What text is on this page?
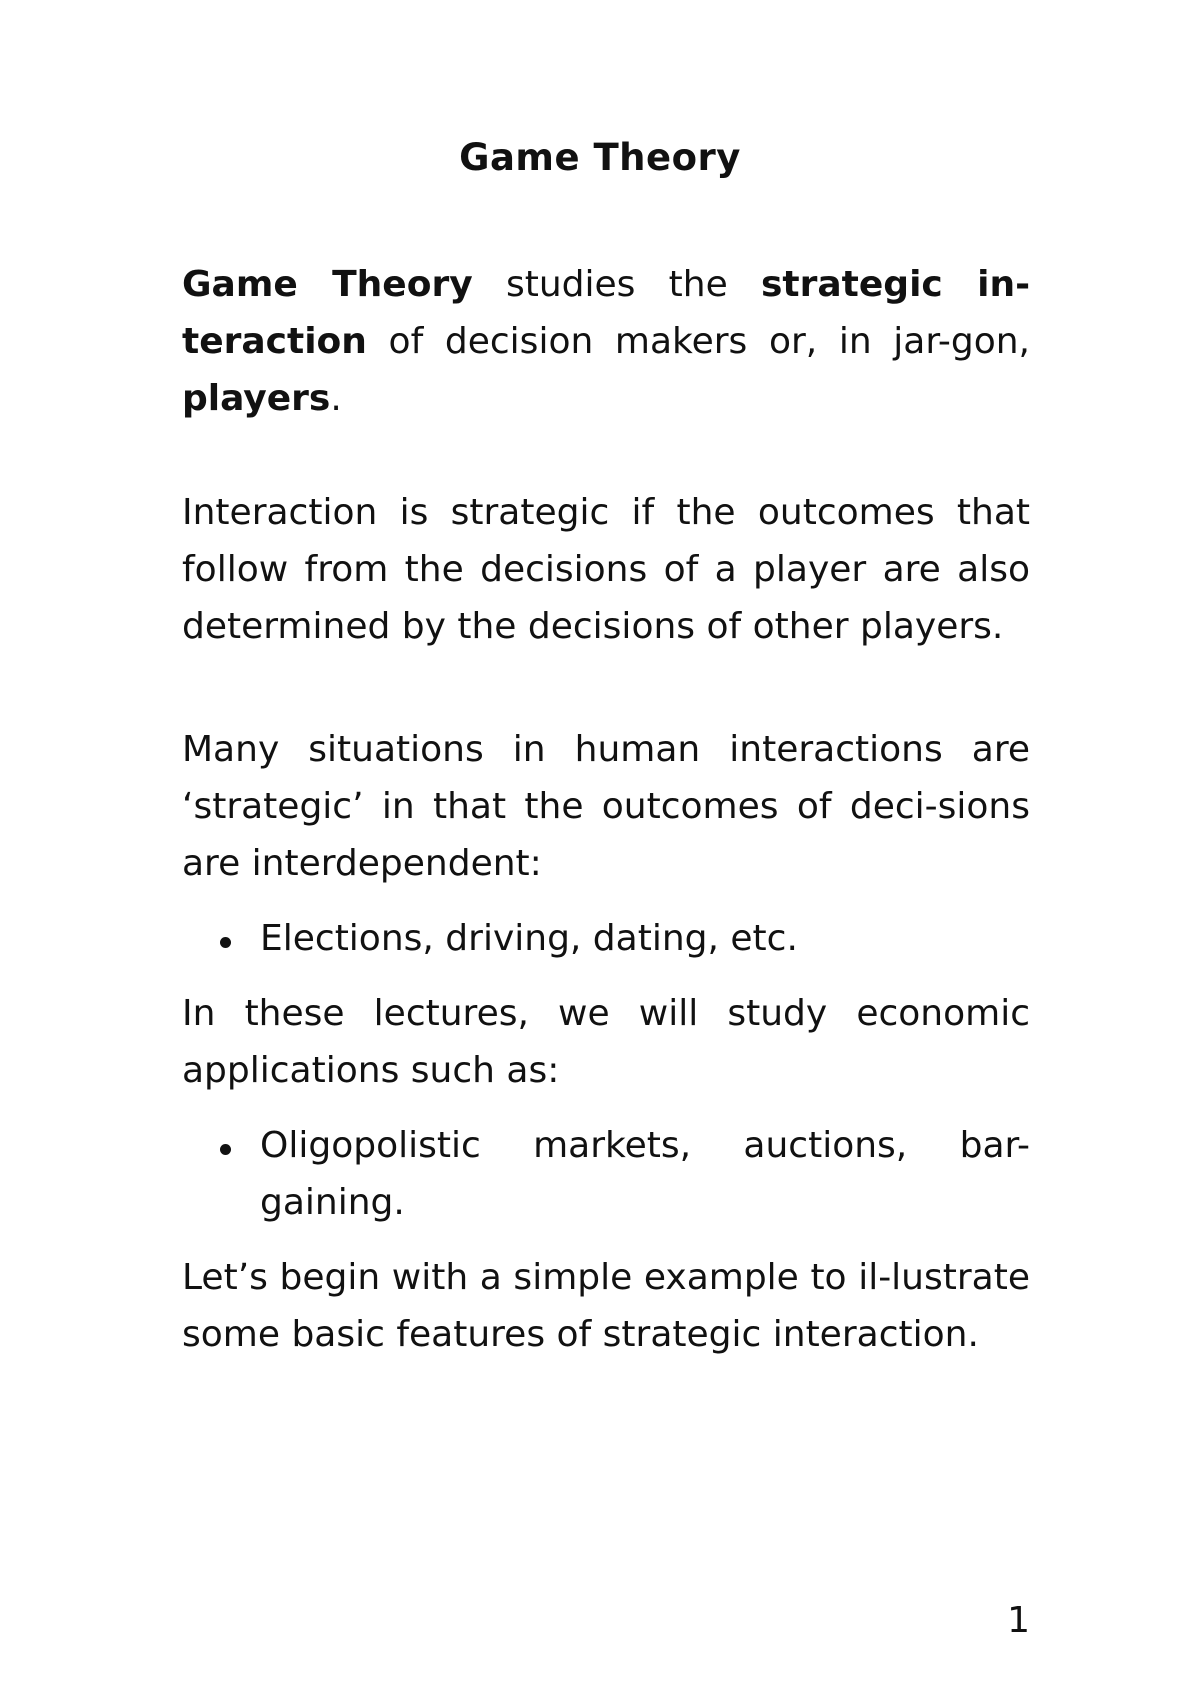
Game Theory

Game Theory studies the strategic in-teraction of decision makers or, in jar-gon, players.

Interaction is strategic if the outcomes that follow from the decisions of a player are also determined by the decisions of other players.

Many situations in human interactions are ‘strategic’ in that the outcomes of deci-sions are interdependent:

Elections, driving, dating, etc.

In these lectures, we will study economic applications such as:

Oligopolistic markets, auctions, bar-gaining.

Let’s begin with a simple example to il-lustrate some basic features of strategic interaction.

1
